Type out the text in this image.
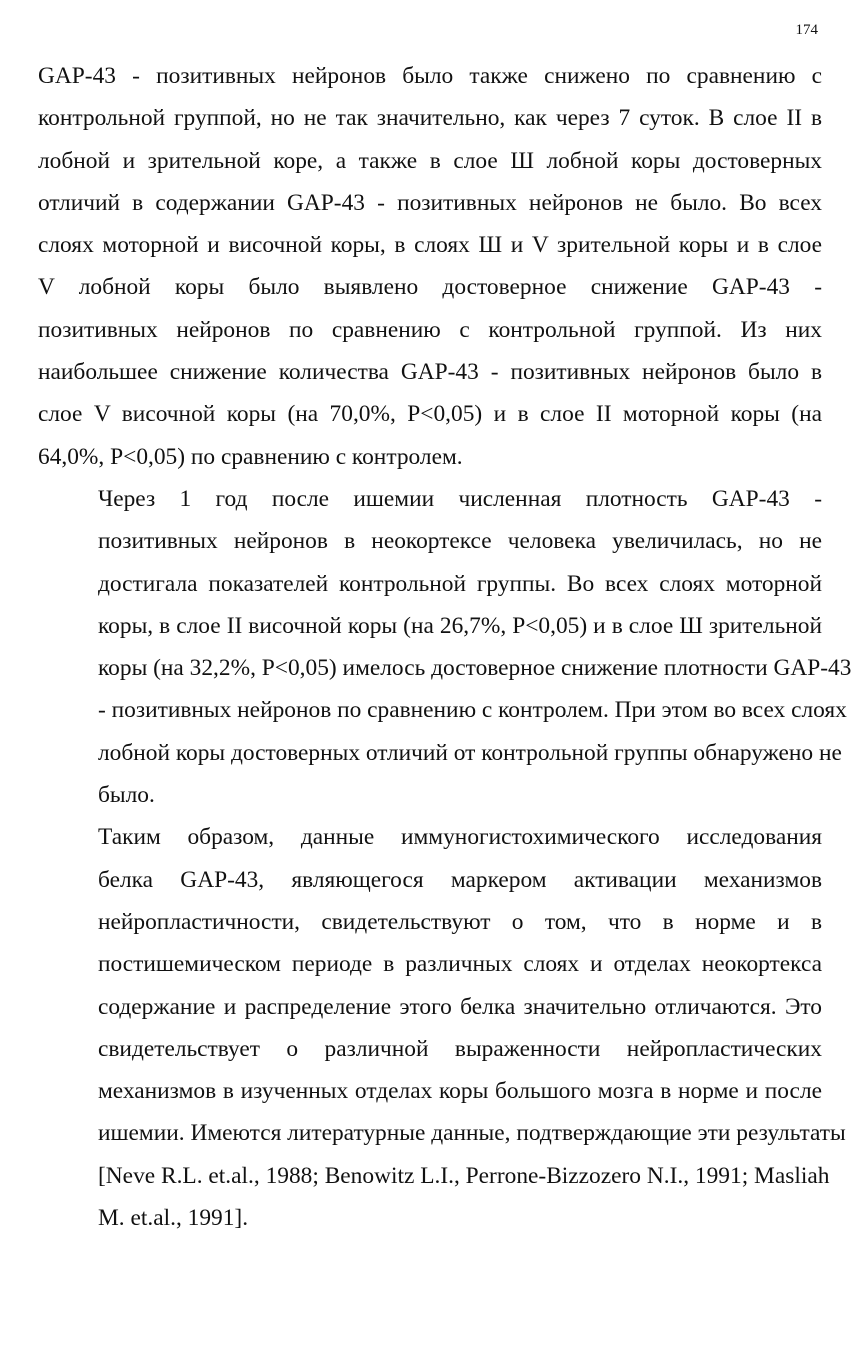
174
GAP-43 - позитивных нейронов было также снижено по сравнению с
контрольной группой, но не так значительно, как через 7 суток. В слое II в
лобной и зрительной коре, а также в слое Ш лобной коры достоверных
отличий в содержании GAP-43 - позитивных нейронов не было. Во всех
слоях моторной и височной коры, в слоях Ш и V зрительной коры и в слое
V лобной коры было выявлено достоверное снижение GAP-43 -
позитивных нейронов по сравнению с контрольной группой. Из них
наибольшее снижение количества GAP-43 - позитивных нейронов было в
слое V височной коры (на 70,0%, P<0,05) и в слое II моторной коры (на
64,0%, P<0,05) по сравнению с контролем.
Через 1 год после ишемии численная плотность GAP-43 -
позитивных нейронов в неокортексе человека увеличилась, но не
достигала показателей контрольной группы. Во всех слоях моторной
коры, в слое II височной коры (на 26,7%, P<0,05) и в слое Ш зрительной
коры (на 32,2%, P<0,05) имелось достоверное снижение плотности GAP-43
- позитивных нейронов по сравнению с контролем. При этом во всех слоях
лобной коры достоверных отличий от контрольной группы обнаружено не
было.
Таким образом, данные иммуногистохимического исследования
белка GAP-43, являющегося маркером активации механизмов
нейропластичности, свидетельствуют о том, что в норме и в
постишемическом периоде в различных слоях и отделах неокортекса
содержание и распределение этого белка значительно отличаются. Это
свидетельствует о различной выраженности нейропластических
механизмов в изученных отделах коры большого мозга в норме и после
ишемии. Имеются литературные данные, подтверждающие эти результаты
[Neve R.L. et.al., 1988; Benowitz L.I., Perrone-Bizzozero N.I., 1991; Masliah
M. et.al., 1991].
